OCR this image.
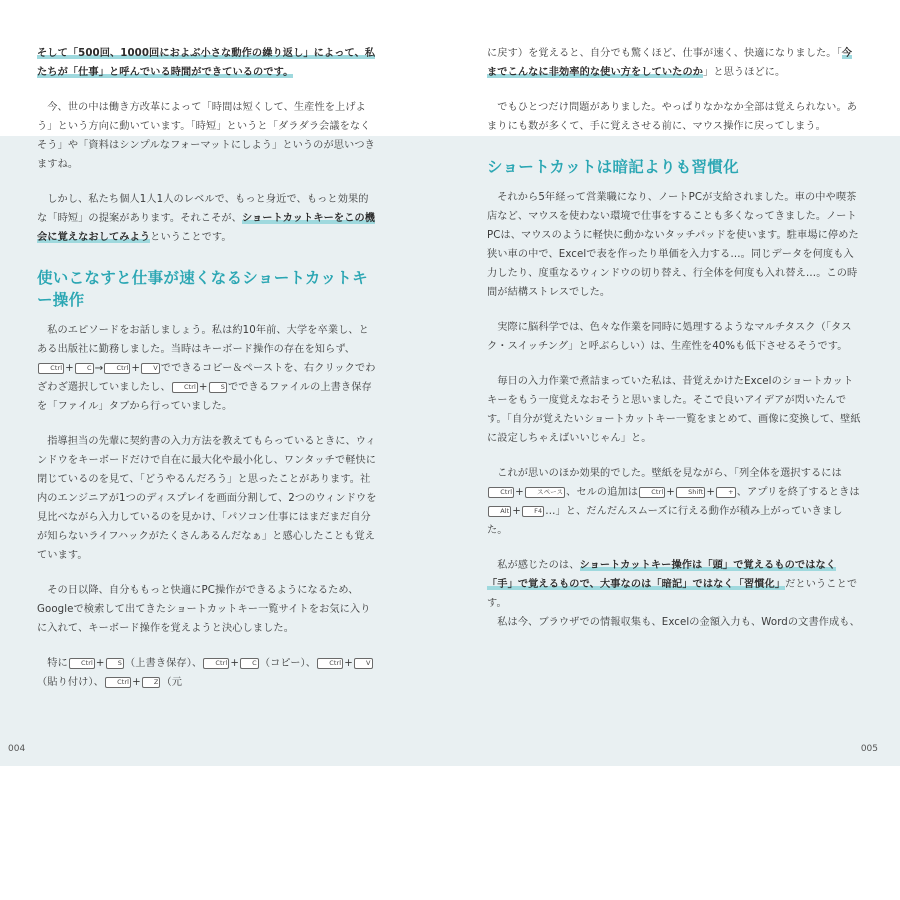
そして「500回、1000回におよぶ小さな動作の繰り返し」によって、私たちが「仕事」と呼んでいる時間ができているのです。

今、世の中は働き方改革によって「時間は短くして、生産性を上げよう」という方向に動いています。「時短」というと「ダラダラ会議をなくそう」や「資料はシンプルなフォーマットにしよう」というのが思いつきますね。

しかし、私たち個人1人1人のレベルで、もっと身近で、もっと効果的な「時短」の提案があります。それこそが、ショートカットキーをこの機会に覚えなおしてみようということです。

使いこなすと仕事が速くなるショートカットキー操作

私のエピソードをお話しましょう。私は約10年前、大学を卒業し、とある出版社に勤務しました。当時はキーボード操作の存在を知らず、Ctrl + C → Ctrl + V でできるコピー＆ペーストを、右クリックでわざわざ選択していましたし、 Ctrl + S でできるファイルの上書き保存を「ファイル」タブから行っていました。

指導担当の先輩に契約書の入力方法を教えてもらっているときに、ウィンドウをキーボードだけで自在に最大化や最小化し、ワンタッチで軽快に閉じているのを見て、「どうやるんだろう」と思ったことがあります。社内のエンジニアが1つのディスプレイを画面分割して、2つのウィンドウを見比べながら入力しているのを見かけ、「パソコン仕事にはまだまだ自分が知らないライフハックがたくさんあるんだなぁ」と感心したことも覚えています。

その日以降、自分ももっと快適にPC操作ができるようになるため、Googleで検索して出てきたショートカットキー一覧サイトをお気に入りに入れて、キーボード操作を覚えようと決心しました。

特に Ctrl + S （上書き保存）、 Ctrl + C （コピー）、 Ctrl + V（貼り付け）、 Ctrl + Z （元

に戻す）を覚えると、自分でも驚くほど、仕事が速く、快適になりました。「今までこんなに非効率的な使い方をしていたのか」と思うほどに。

でもひとつだけ問題がありました。やっぱりなかなか全部は覚えられない。あまりにも数が多くて、手に覚えさせる前に、マウス操作に戻ってしまう。

ショートカットは暗記よりも習慣化

それから5年経って営業職になり、ノートPCが支給されました。車の中や喫茶店など、マウスを使わない環境で仕事をすることも多くなってきました。ノートPCは、マウスのように軽快に動かないタッチパッドを使います。駐車場に停めた狭い車の中で、Excelで表を作ったり単価を入力する…。同じデータを何度も入力したり、度重なるウィンドウの切り替え、行全体を何度も入れ替え…。この時間が結構ストレスでした。

実際に脳科学では、色々な作業を同時に処理するようなマルチタスク（「タスク・スイッチング」と呼ぶらしい）は、生産性を40%も低下させるそうです。

毎日の入力作業で煮詰まっていた私は、昔覚えかけたExcelのショートカットキーをもう一度覚えなおそうと思いました。そこで良いアイデアが閃いたんです。「自分が覚えたいショートカットキー一覧をまとめて、画像に変換して、壁紙に設定しちゃえばいいじゃん」と。

これが思いのほか効果的でした。壁紙を見ながら、「列全体を選択するにはCtrl + スペース 、セルの追加は Ctrl + Shift + + 、アプリを終了するときはAlt + F4 …」と、だんだんスムーズに行える動作が積み上がっていきました。

私が感じたのは、ショートカットキー操作は「頭」で覚えるものではなく「手」で覚えるもので、大事なのは「暗記」ではなく「習慣化」だということです。

私は今、ブラウザでの情報収集も、Excelの金額入力も、Wordの文書作成も、

004	005
